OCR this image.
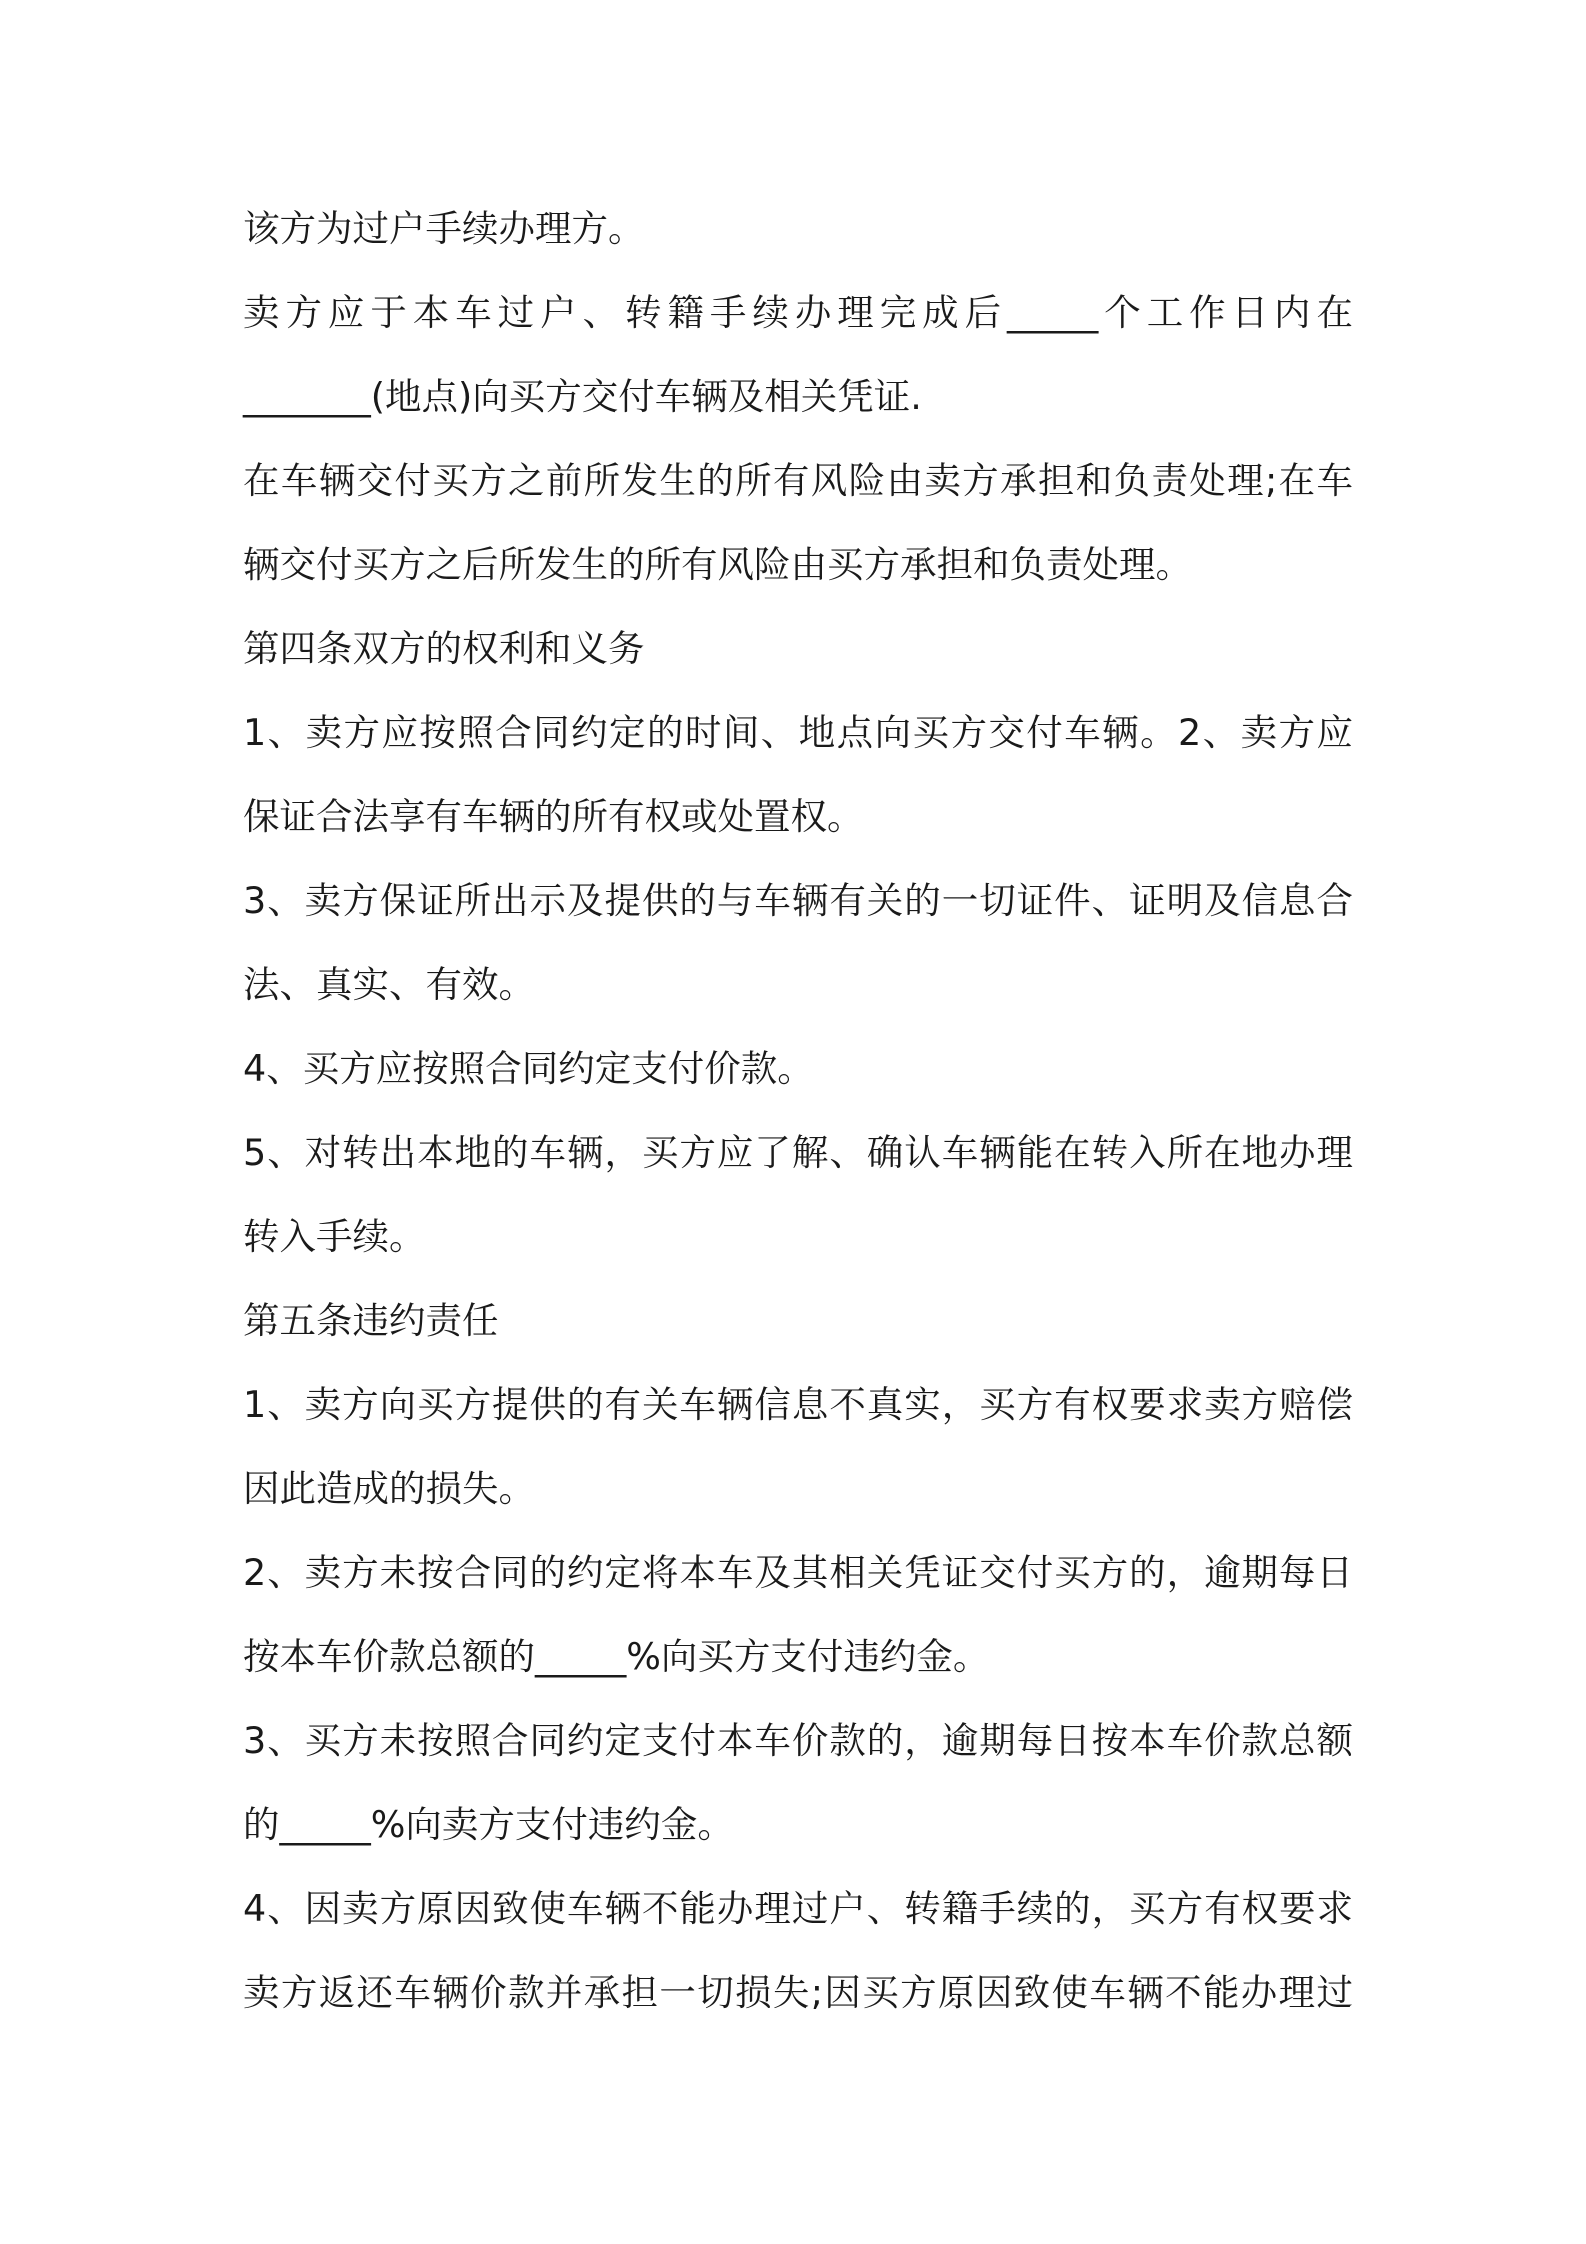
该方为过户手续办理方。
卖方应于本车过户、转籍手续办理完成后_____个工作日内在
_______(地点)向买方交付车辆及相关凭证.
在车辆交付买方之前所发生的所有风险由卖方承担和负责处理;在车
辆交付买方之后所发生的所有风险由买方承担和负责处理。
第四条双方的权利和义务
1、卖方应按照合同约定的时间、地点向买方交付车辆。2、卖方应
保证合法享有车辆的所有权或处置权。
3、卖方保证所出示及提供的与车辆有关的一切证件、证明及信息合
法、真实、有效。
4、买方应按照合同约定支付价款。
5、对转出本地的车辆，买方应了解、确认车辆能在转入所在地办理
转入手续。
第五条违约责任
1、卖方向买方提供的有关车辆信息不真实，买方有权要求卖方赔偿
因此造成的损失。
2、卖方未按合同的约定将本车及其相关凭证交付买方的，逾期每日
按本车价款总额的_____%向买方支付违约金。
3、买方未按照合同约定支付本车价款的，逾期每日按本车价款总额
的_____%向卖方支付违约金。
4、因卖方原因致使车辆不能办理过户、转籍手续的，买方有权要求
卖方返还车辆价款并承担一切损失;因买方原因致使车辆不能办理过
